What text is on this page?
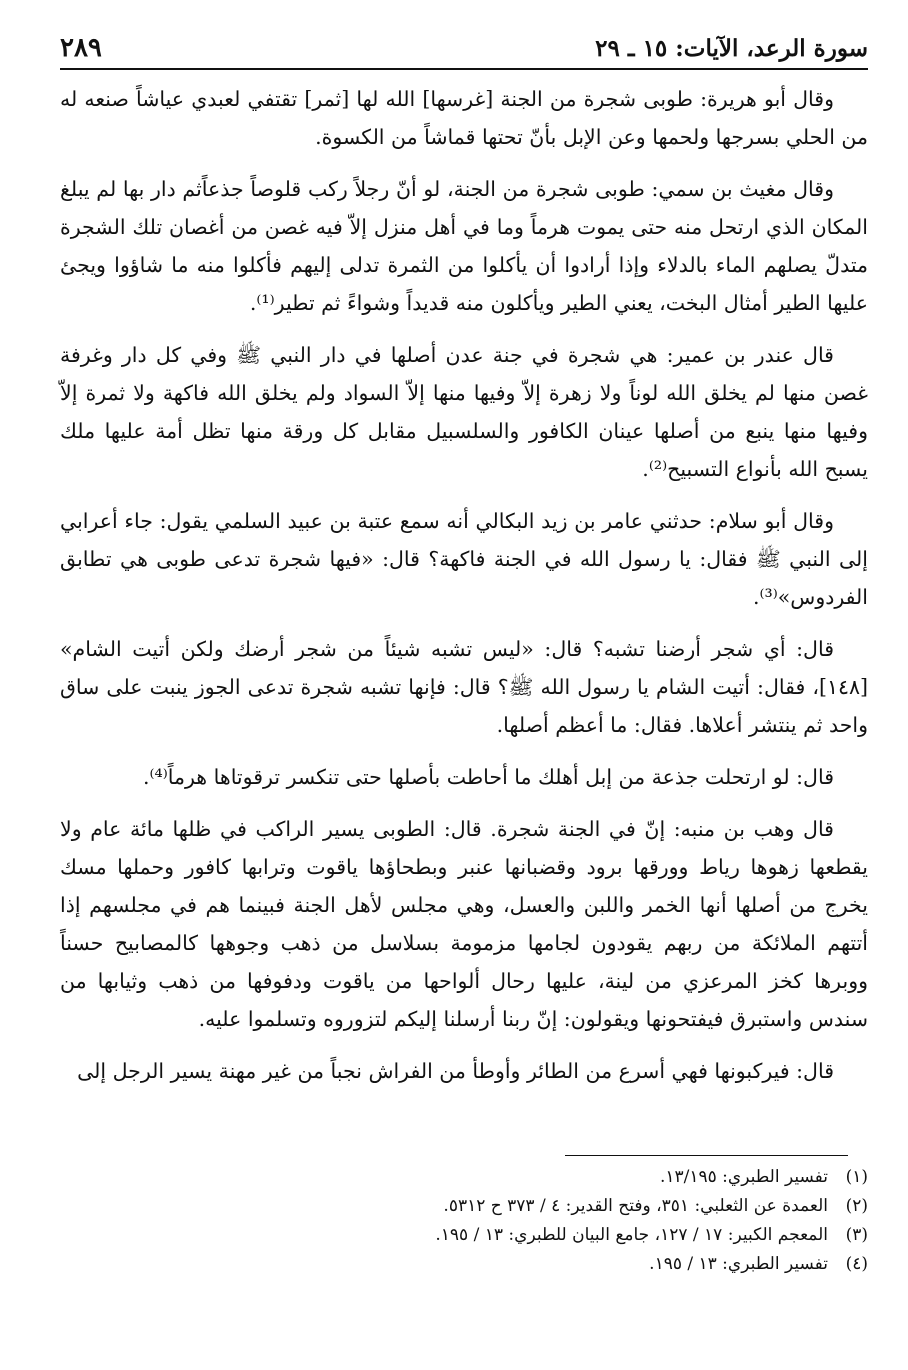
سورة الرعد، الآيات: ١٥ ـ ٢٩
٢٨٩

وقال أبو هريرة: طوبى شجرة من الجنة [غرسها] الله لها [ثمر] تقتفي لعبدي عياشاً صنعه له من الحلي بسرجها ولحمها وعن الإبل بأنّ تحتها قماشاً من الكسوة.

وقال مغيث بن سمي: طوبى شجرة من الجنة، لو أنّ رجلاً ركب قلوصاً جذعاًثم دار بها لم يبلغ المكان الذي ارتحل منه حتى يموت هرماً وما في أهل منزل إلاّ فيه غصن من أغصان تلك الشجرة متدلّ يصلهم الماء بالدلاء وإذا أرادوا أن يأكلوا من الثمرة تدلى إليهم فأكلوا منه ما شاؤوا ويجئ عليها الطير أمثال البخت، يعني الطير ويأكلون منه قديداً وشواءً ثم تطير⁽¹⁾.

قال عندر بن عمير: هي شجرة في جنة عدن أصلها في دار النبي ﷺ وفي كل دار وغرفة غصن منها لم يخلق الله لوناً ولا زهرة إلاّ وفيها منها إلاّ السواد ولم يخلق الله فاكهة ولا ثمرة إلاّ وفيها منها ينبع من أصلها عينان الكافور والسلسبيل مقابل كل ورقة منها تظل أمة عليها ملك يسبح الله بأنواع التسبيح⁽²⁾.

وقال أبو سلام: حدثني عامر بن زيد البكالي أنه سمع عتبة بن عبيد السلمي يقول: جاء أعرابي إلى النبي ﷺ فقال: يا رسول الله في الجنة فاكهة؟ قال: «فيها شجرة تدعى طوبى هي تطابق الفردوس»⁽³⁾.

قال: أي شجر أرضنا تشبه؟ قال: «ليس تشبه شيئاً من شجر أرضك ولكن أتيت الشام» [١٤٨]، فقال: أتيت الشام يا رسول الله ﷺ؟ قال: فإنها تشبه شجرة تدعى الجوز ينبت على ساق واحد ثم ينتشر أعلاها. فقال: ما أعظم أصلها.

قال: لو ارتحلت جذعة من إبل أهلك ما أحاطت بأصلها حتى تنكسر ترقوتاها هرماً⁽⁴⁾.

قال وهب بن منبه: إنّ في الجنة شجرة. قال: الطوبى يسير الراكب في ظلها مائة عام ولا يقطعها زهوها رياط وورقها برود وقضبانها عنبر وبطحاؤها ياقوت وترابها كافور وحملها مسك يخرج من أصلها أنها الخمر واللبن والعسل، وهي مجلس لأهل الجنة فبينما هم في مجلسهم إذا أتتهم الملائكة من ربهم يقودون لجامها مزمومة بسلاسل من ذهب وجوهها كالمصابيح حسناً ووبرها كخز المرعزي من لينة، عليها رحال ألواحها من ياقوت ودفوفها من ذهب وثيابها من سندس واستبرق فيفتحونها ويقولون: إنّ ربنا أرسلنا إليكم لتزوروه وتسلموا عليه.

قال: فيركبونها فهي أسرع من الطائر وأوطأ من الفراش نجباً من غير مهنة يسير الرجل إلى

(١)
تفسير الطبري: ١٣/١٩٥.
(٢)
العمدة عن الثعلبي: ٣٥١، وفتح القدير: ٤ / ٣٧٣ ح ٥٣١٢.
(٣)
المعجم الكبير: ١٧ / ١٢٧، جامع البيان للطبري: ١٣ / ١٩٥.
(٤)
تفسير الطبري: ١٣ / ١٩٥.
